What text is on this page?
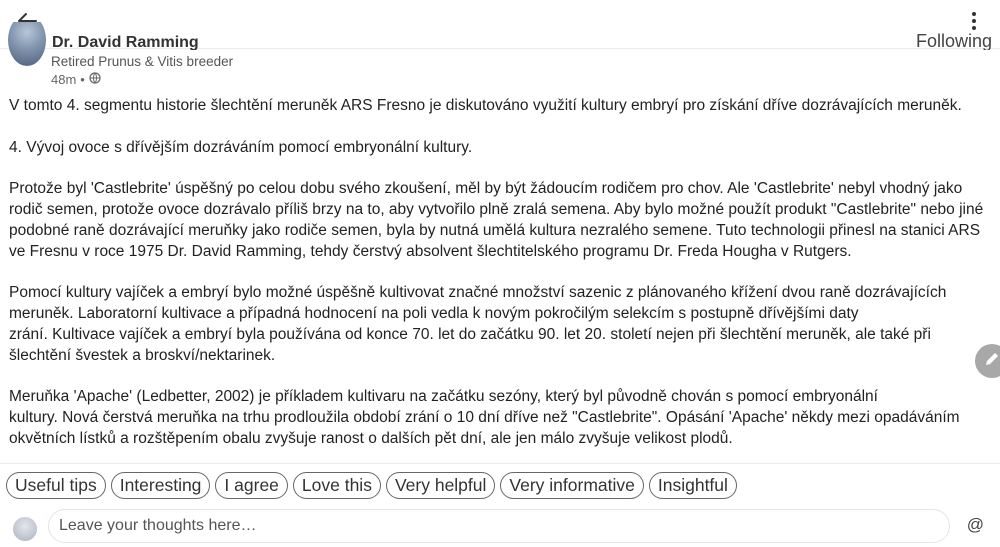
Dr. David Ramming	Following
Retired Prunus & Vitis breeder
48m •

V tomto 4. segmentu historie šlechtění meruněk ARS Fresno je diskutováno využití kultury embryí pro získání dříve dozrávajících meruněk.

4. Vývoj ovoce s dřívějším dozráváním pomocí embryonální kultury.

Protože byl 'Castlebrite' úspěšný po celou dobu svého zkoušení, měl by být žádoucím rodičem pro chov. Ale 'Castlebrite' nebyl vhodný jako rodič semen, protože ovoce dozrávalo příliš brzy na to, aby vytvořilo plně zralá semena. Aby bylo možné použít produkt "Castlebrite" nebo jiné podobné raně dozrávající meruňky jako rodiče semen, byla by nutná umělá kultura nezralého semene. Tuto technologii přinesl na stanici ARS ve Fresnu v roce 1975 Dr. David Ramming, tehdy čerstvý absolvent šlechtitelského programu Dr. Freda Hougha v Rutgers.

Pomocí kultury vajíček a embryí bylo možné úspěšně kultivovat značné množství sazenic z plánovaného křížení dvou raně dozrávajících meruněk. Laboratorní kultivace a případná hodnocení na poli vedla k novým pokročilým selekcím s postupně dřívějšími daty
zrání. Kultivace vajíček a embryí byla používána od konce 70. let do začátku 90. let 20. století nejen při šlechtění meruněk, ale také při šlechtění švestek a broskví/nektarinek.

Meruňka 'Apache' (Ledbetter, 2002) je příkladem kultivaru na začátku sezóny, který byl původně chován s pomocí embryonální
kultury. Nová čerstvá meruňka na trhu prodloužila období zrání o 10 dní dříve než "Castlebrite". Opásání 'Apache' někdy mezi opadáváním okvětních lístků a rozštěpením obalu zvyšuje ranost o dalších pět dní, ale jen málo zvyšuje velikost plodů.

Useful tips	Interesting	I agree	Love this	Very helpful	Very informative	Insightful
Leave your thoughts here…
@
